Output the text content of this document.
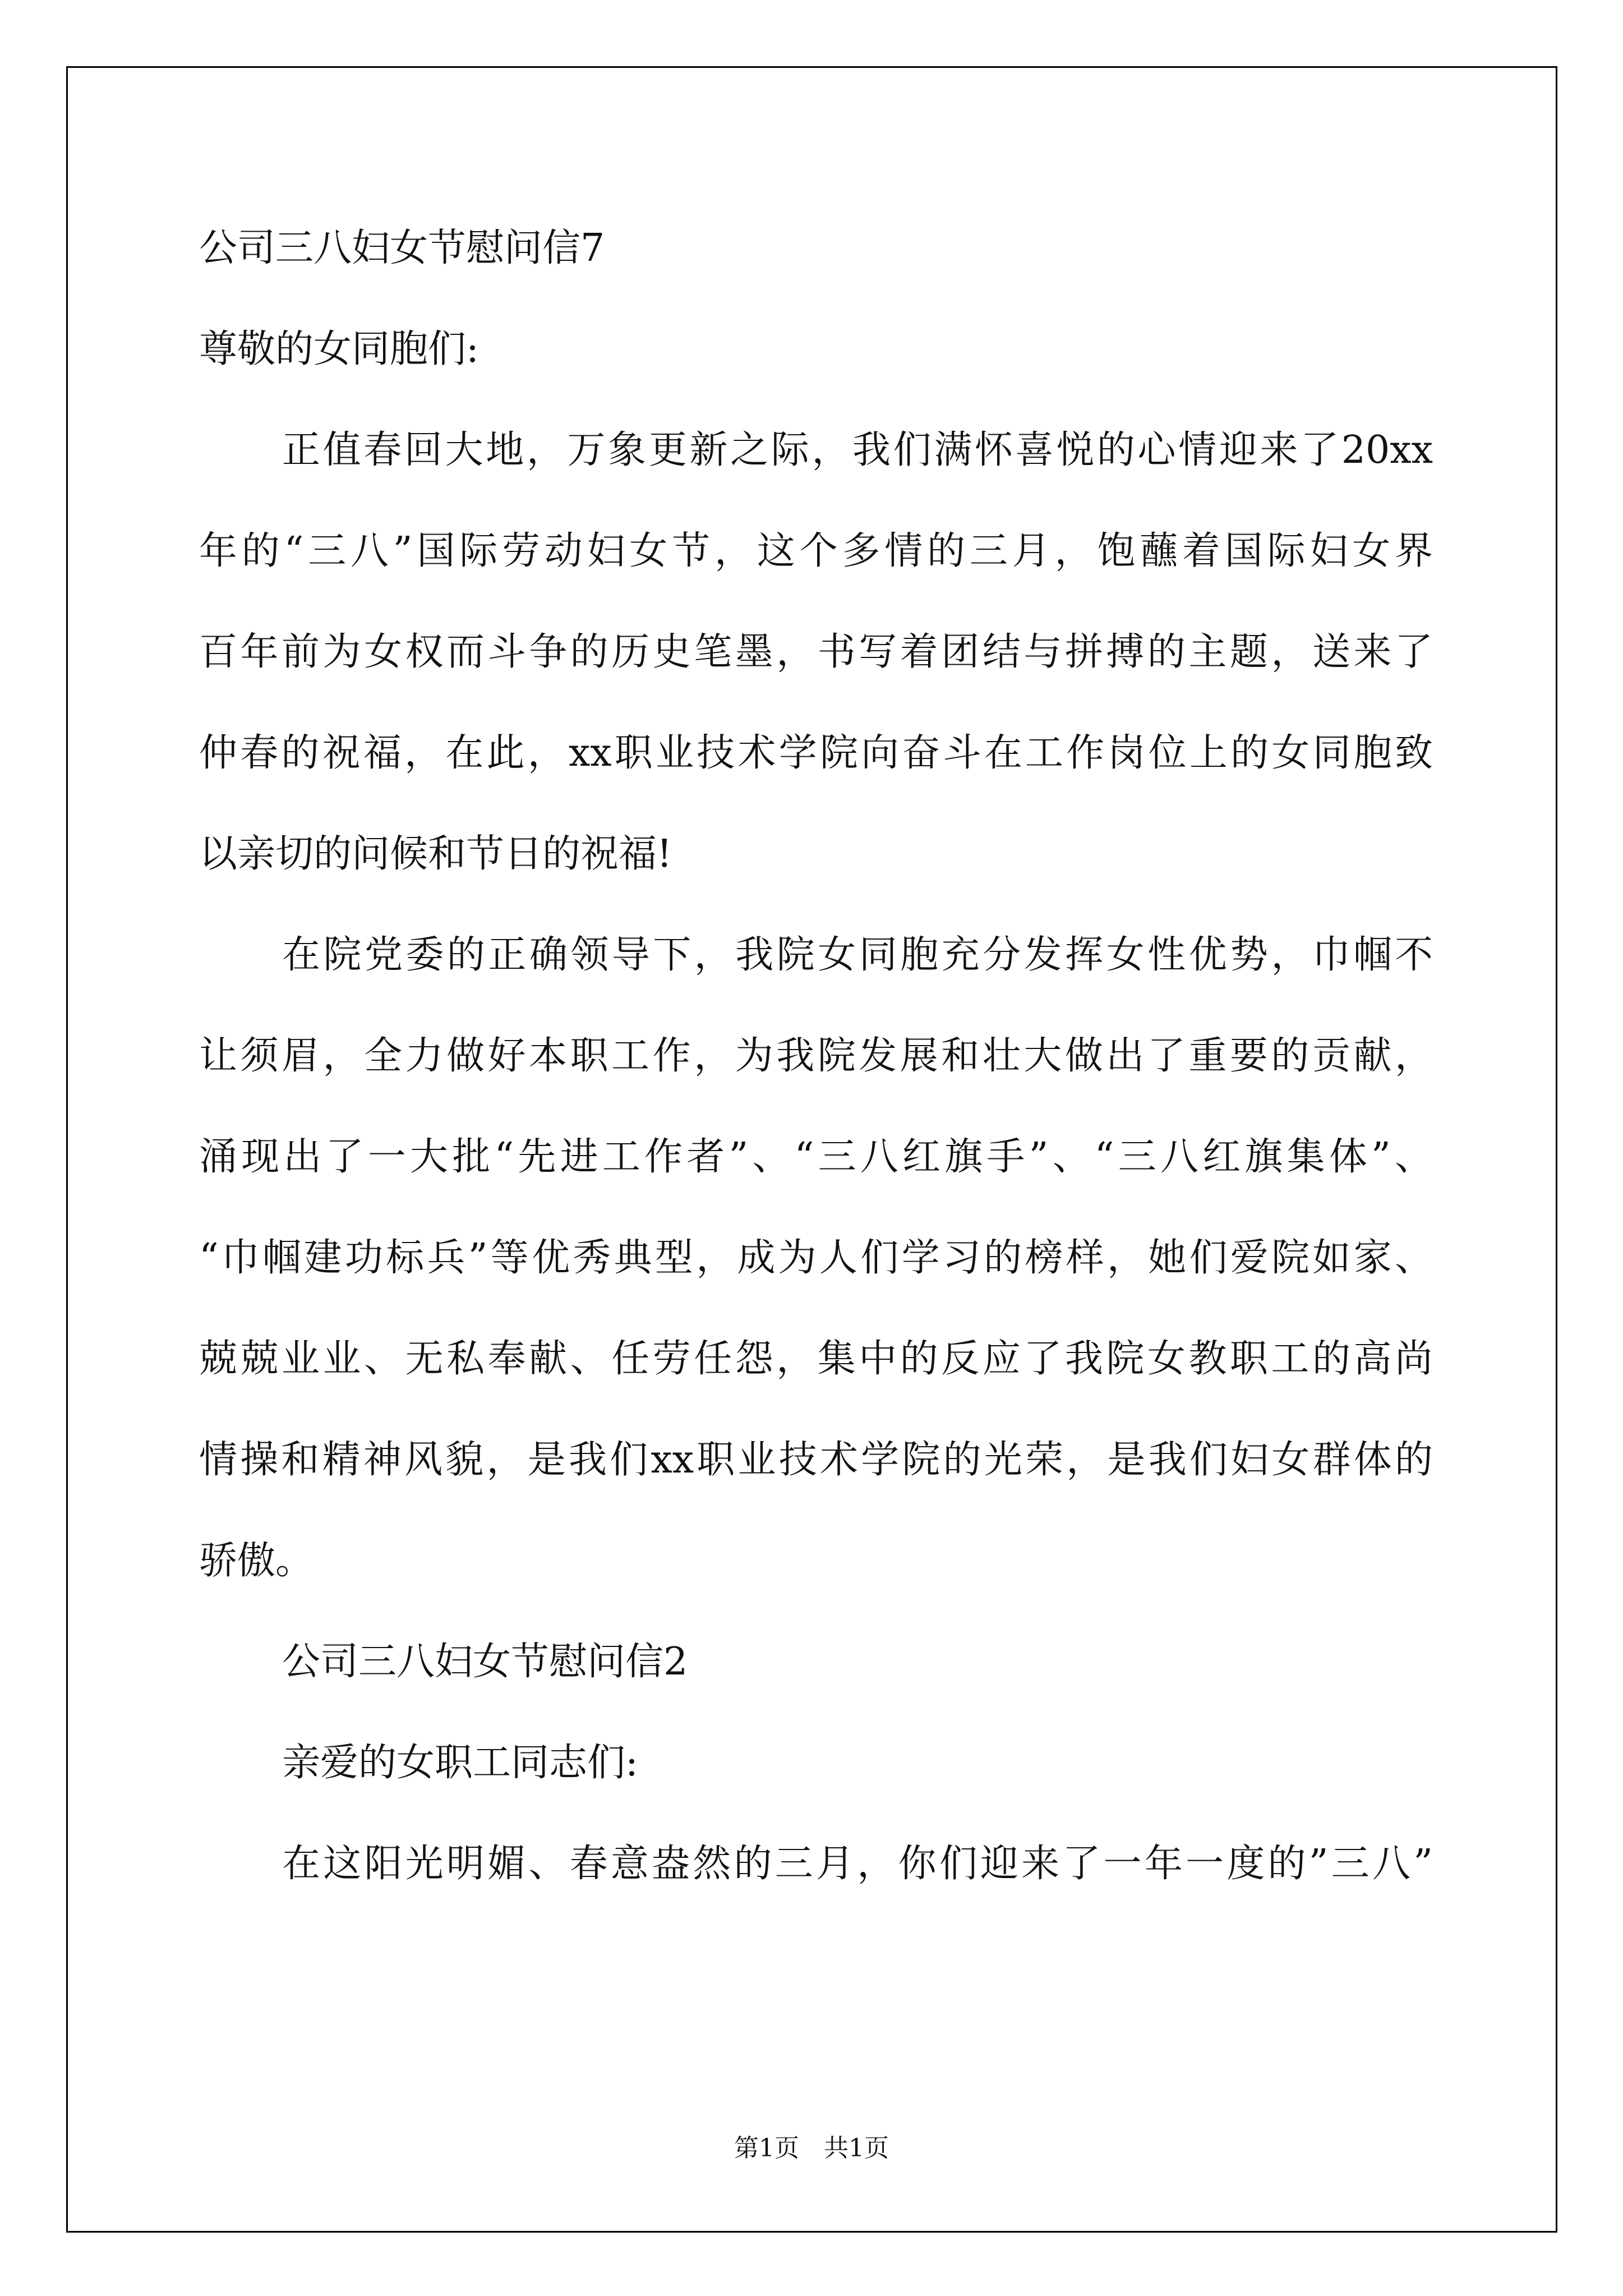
公司三八妇女节慰问信7
尊敬的女同胞们:
正值春回大地，万象更新之际，我们满怀喜悦的心情迎来了20xx
年的“三八”国际劳动妇女节，这个多情的三月，饱蘸着国际妇女界
百年前为女权而斗争的历史笔墨，书写着团结与拼搏的主题，送来了
仲春的祝福，在此，xx职业技术学院向奋斗在工作岗位上的女同胞致
以亲切的问候和节日的祝福!
在院党委的正确领导下，我院女同胞充分发挥女性优势，巾帼不
让须眉，全力做好本职工作，为我院发展和壮大做出了重要的贡献，
涌现出了一大批“先进工作者”、“三八红旗手”、“三八红旗集体”、
“巾帼建功标兵”等优秀典型，成为人们学习的榜样，她们爱院如家、
兢兢业业、无私奉献、任劳任怨，集中的反应了我院女教职工的高尚
情操和精神风貌，是我们xx职业技术学院的光荣，是我们妇女群体的
骄傲。
公司三八妇女节慰问信2
亲爱的女职工同志们:
在这阳光明媚、春意盎然的三月，你们迎来了一年一度的”三八”
第1页　共1页
